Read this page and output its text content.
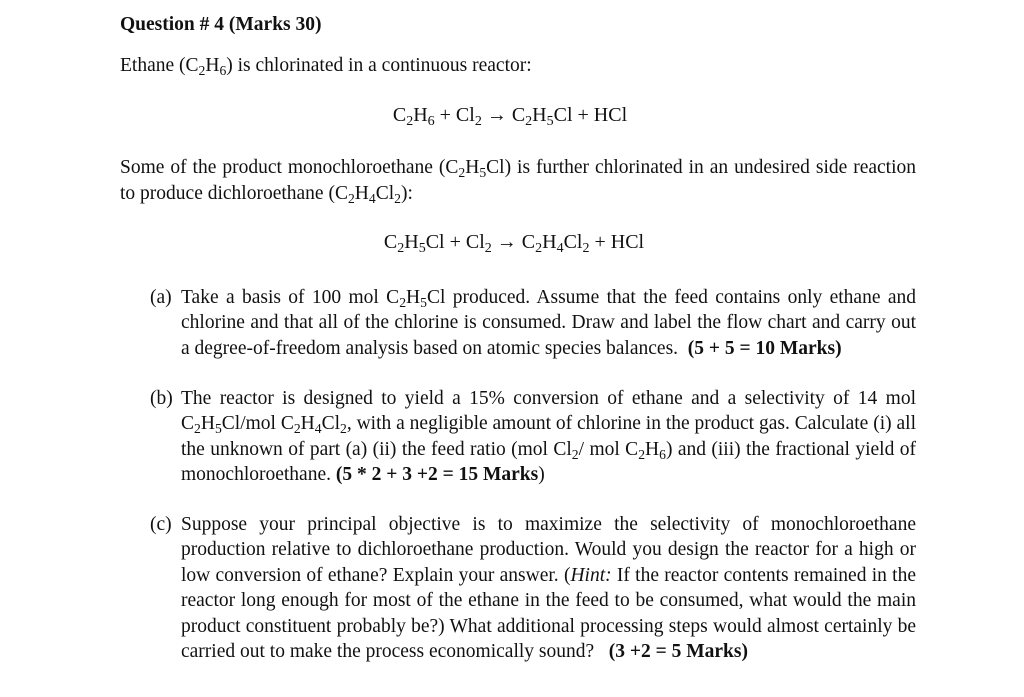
Question # 4 (Marks 30)
Ethane $(C_2H_6)$ is chlorinated in a continuous reactor:
$C_2H_6 + Cl_2 \to C_2H_5Cl$ + HCl
Some of the product monochloroethane $(C_2H_5Cl)$ is further chlorinated in an undesired side reaction to produce dichloroethane $(C_2H_4Cl_2)$:
$C_2H_5Cl + Cl_2 \to C_2H_4Cl_2$ + HCl
(a) Take a basis of 100 mol $C_2H_5Cl$ produced. Assume that the feed contains only ethane and chlorine and that all of the chlorine is consumed. Draw and label the flow chart and carry out a degree-of-freedom analysis based on atomic species balances. (5 + 5 = 10 Marks)
(b) The reactor is designed to yield a 15% conversion of ethane and a selectivity of 14 mol $C_2H_5Cl$/mol $C_2H_4Cl_2$, with a negligible amount of chlorine in the product gas. Calculate (i) all the unknown of part (a) (ii) the feed ratio (mol $Cl_2/$ mol $C_2H_6$) and (iii) the fractional yield of monochloroethane. (5 * 2 + 3 +2 = 15 Marks)
(c) Suppose your principal objective is to maximize the selectivity of monochloroethane production relative to dichloroethane production. Would you design the reactor for a high or low conversion of ethane? Explain your answer. (Hint: If the reactor contents remained in the reactor long enough for most of the ethane in the feed to be consumed, what would the main product constituent probably be?) What additional processing steps would almost certainly be carried out to make the process economically sound?   (3 +2 = 5 Marks)
